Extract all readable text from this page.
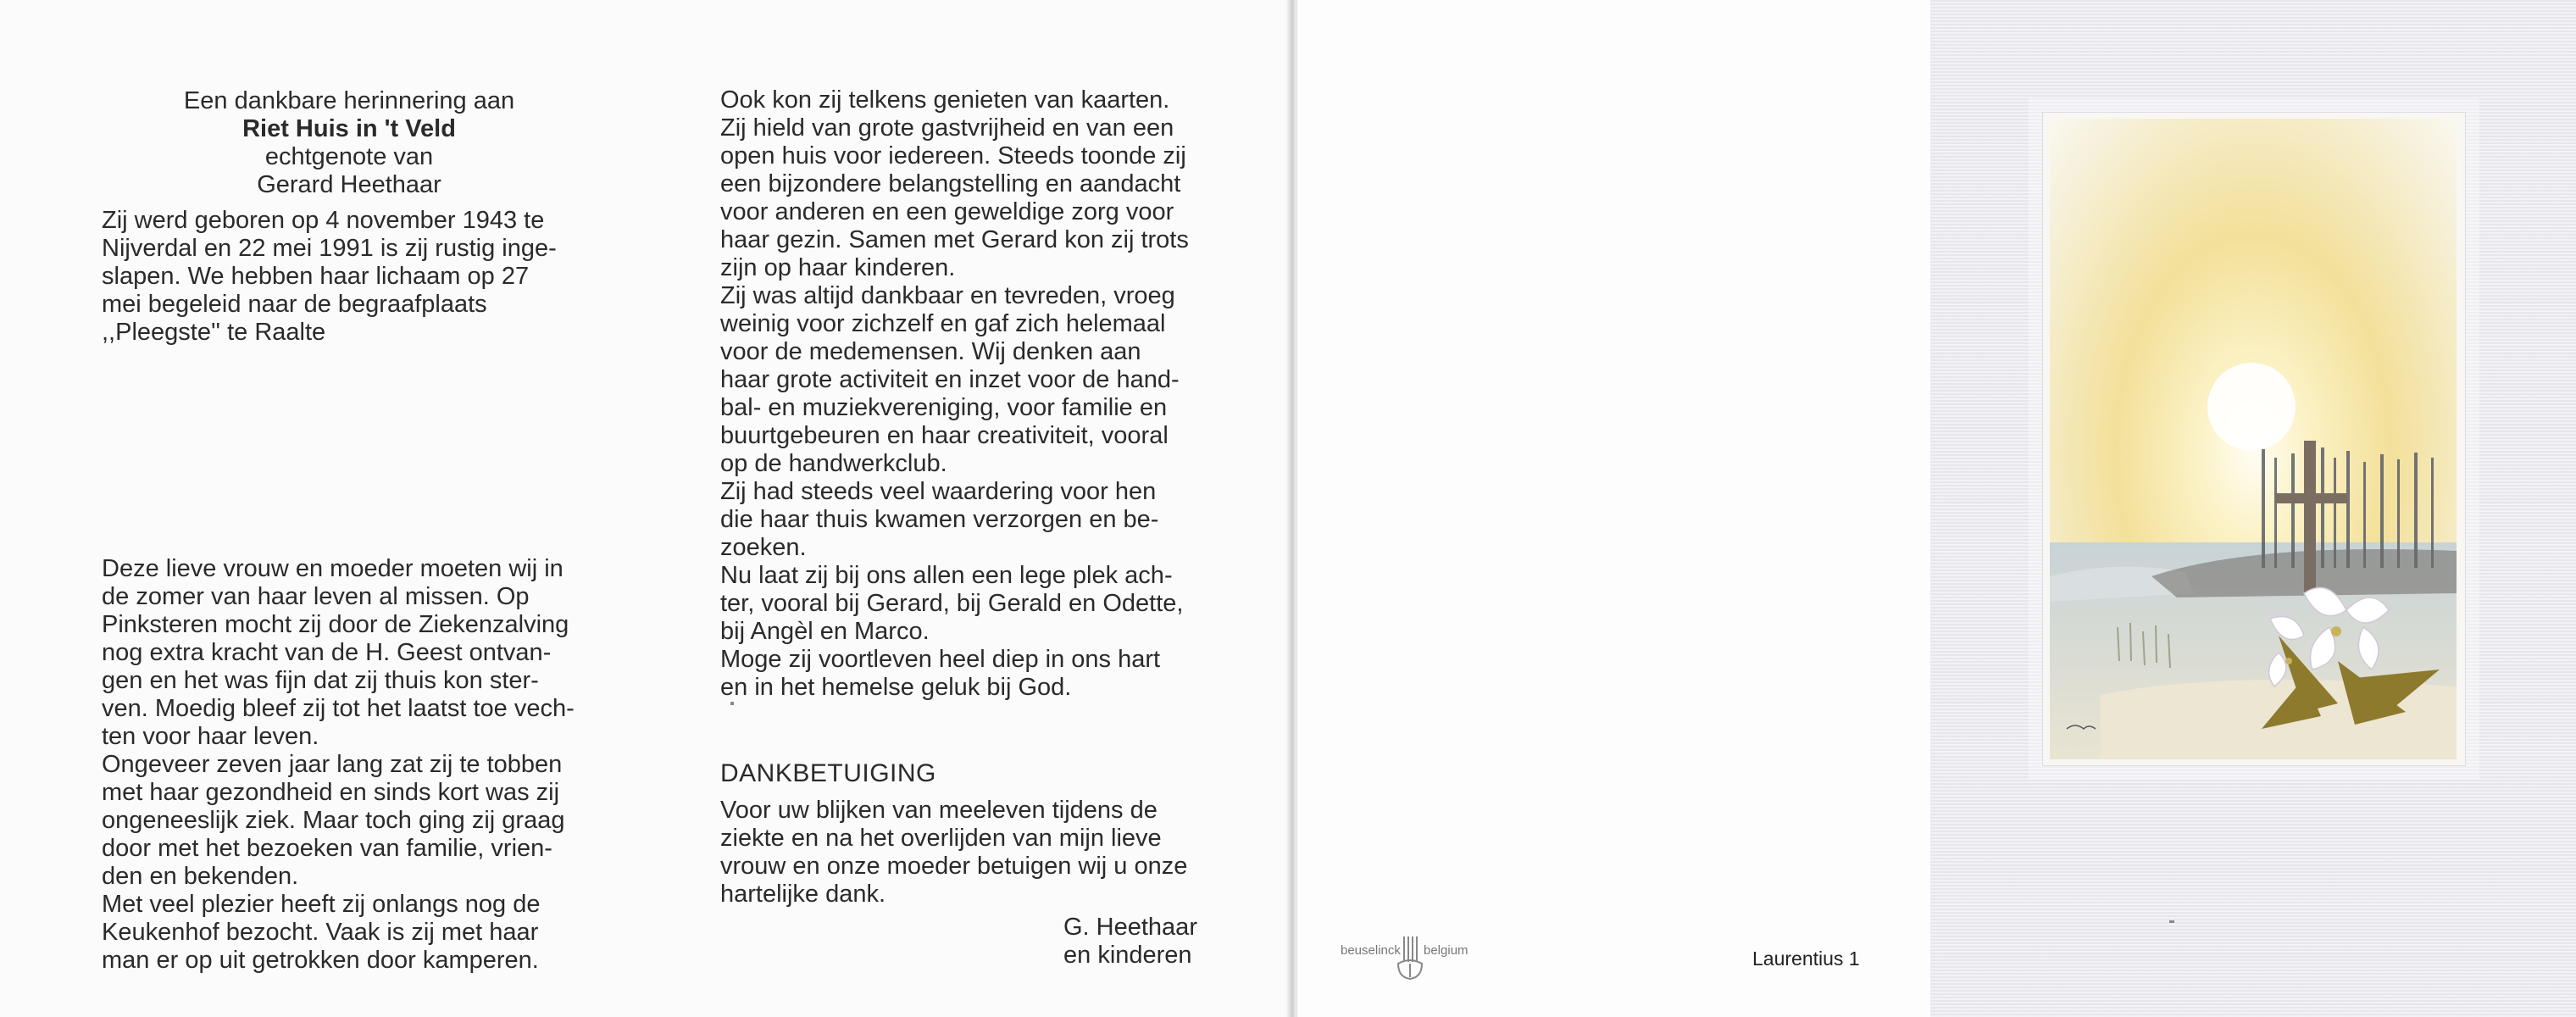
Een dankbare herinnering aan
Riet Huis in 't Veld
echtgenote van
Gerard Heethaar
Zij werd geboren op 4 november 1943 te
Nijverdal en 22 mei 1991 is zij rustig inge-
slapen. We hebben haar lichaam op 27
mei begeleid naar de begraafplaats
,,Pleegste'' te Raalte
Deze lieve vrouw en moeder moeten wij in
de zomer van haar leven al missen. Op
Pinksteren mocht zij door de Ziekenzalving
nog extra kracht van de H. Geest ontvan-
gen en het was fijn dat zij thuis kon ster-
ven. Moedig bleef zij tot het laatst toe vech-
ten voor haar leven.
Ongeveer zeven jaar lang zat zij te tobben
met haar gezondheid en sinds kort was zij
ongeneeslijk ziek. Maar toch ging zij graag
door met het bezoeken van familie, vrien-
den en bekenden.
Met veel plezier heeft zij onlangs nog de
Keukenhof bezocht. Vaak is zij met haar
man er op uit getrokken door kamperen.
Ook kon zij telkens genieten van kaarten.
Zij hield van grote gastvrijheid en van een
open huis voor iedereen. Steeds toonde zij
een bijzondere belangstelling en aandacht
voor anderen en een geweldige zorg voor
haar gezin. Samen met Gerard kon zij trots
zijn op haar kinderen.
Zij was altijd dankbaar en tevreden, vroeg
weinig voor zichzelf en gaf zich helemaal
voor de medemensen. Wij denken aan
haar grote activiteit en inzet voor de hand-
bal- en muziekvereniging, voor familie en
buurtgebeuren en haar creativiteit, vooral
op de handwerkclub.
Zij had steeds veel waardering voor hen
die haar thuis kwamen verzorgen en be-
zoeken.
Nu laat zij bij ons allen een lege plek ach-
ter, vooral bij Gerard, bij Gerald en Odette,
bij Angèl en Marco.
Moge zij voortleven heel diep in ons hart
en in het hemelse geluk bij God.
DANKBETUIGING
Voor uw blijken van meeleven tijdens de
ziekte en na het overlijden van mijn lieve
vrouw en onze moeder betuigen wij u onze
hartelijke dank.
G. Heethaar
en kinderen	beuselinck belgium	Laurentius 1
